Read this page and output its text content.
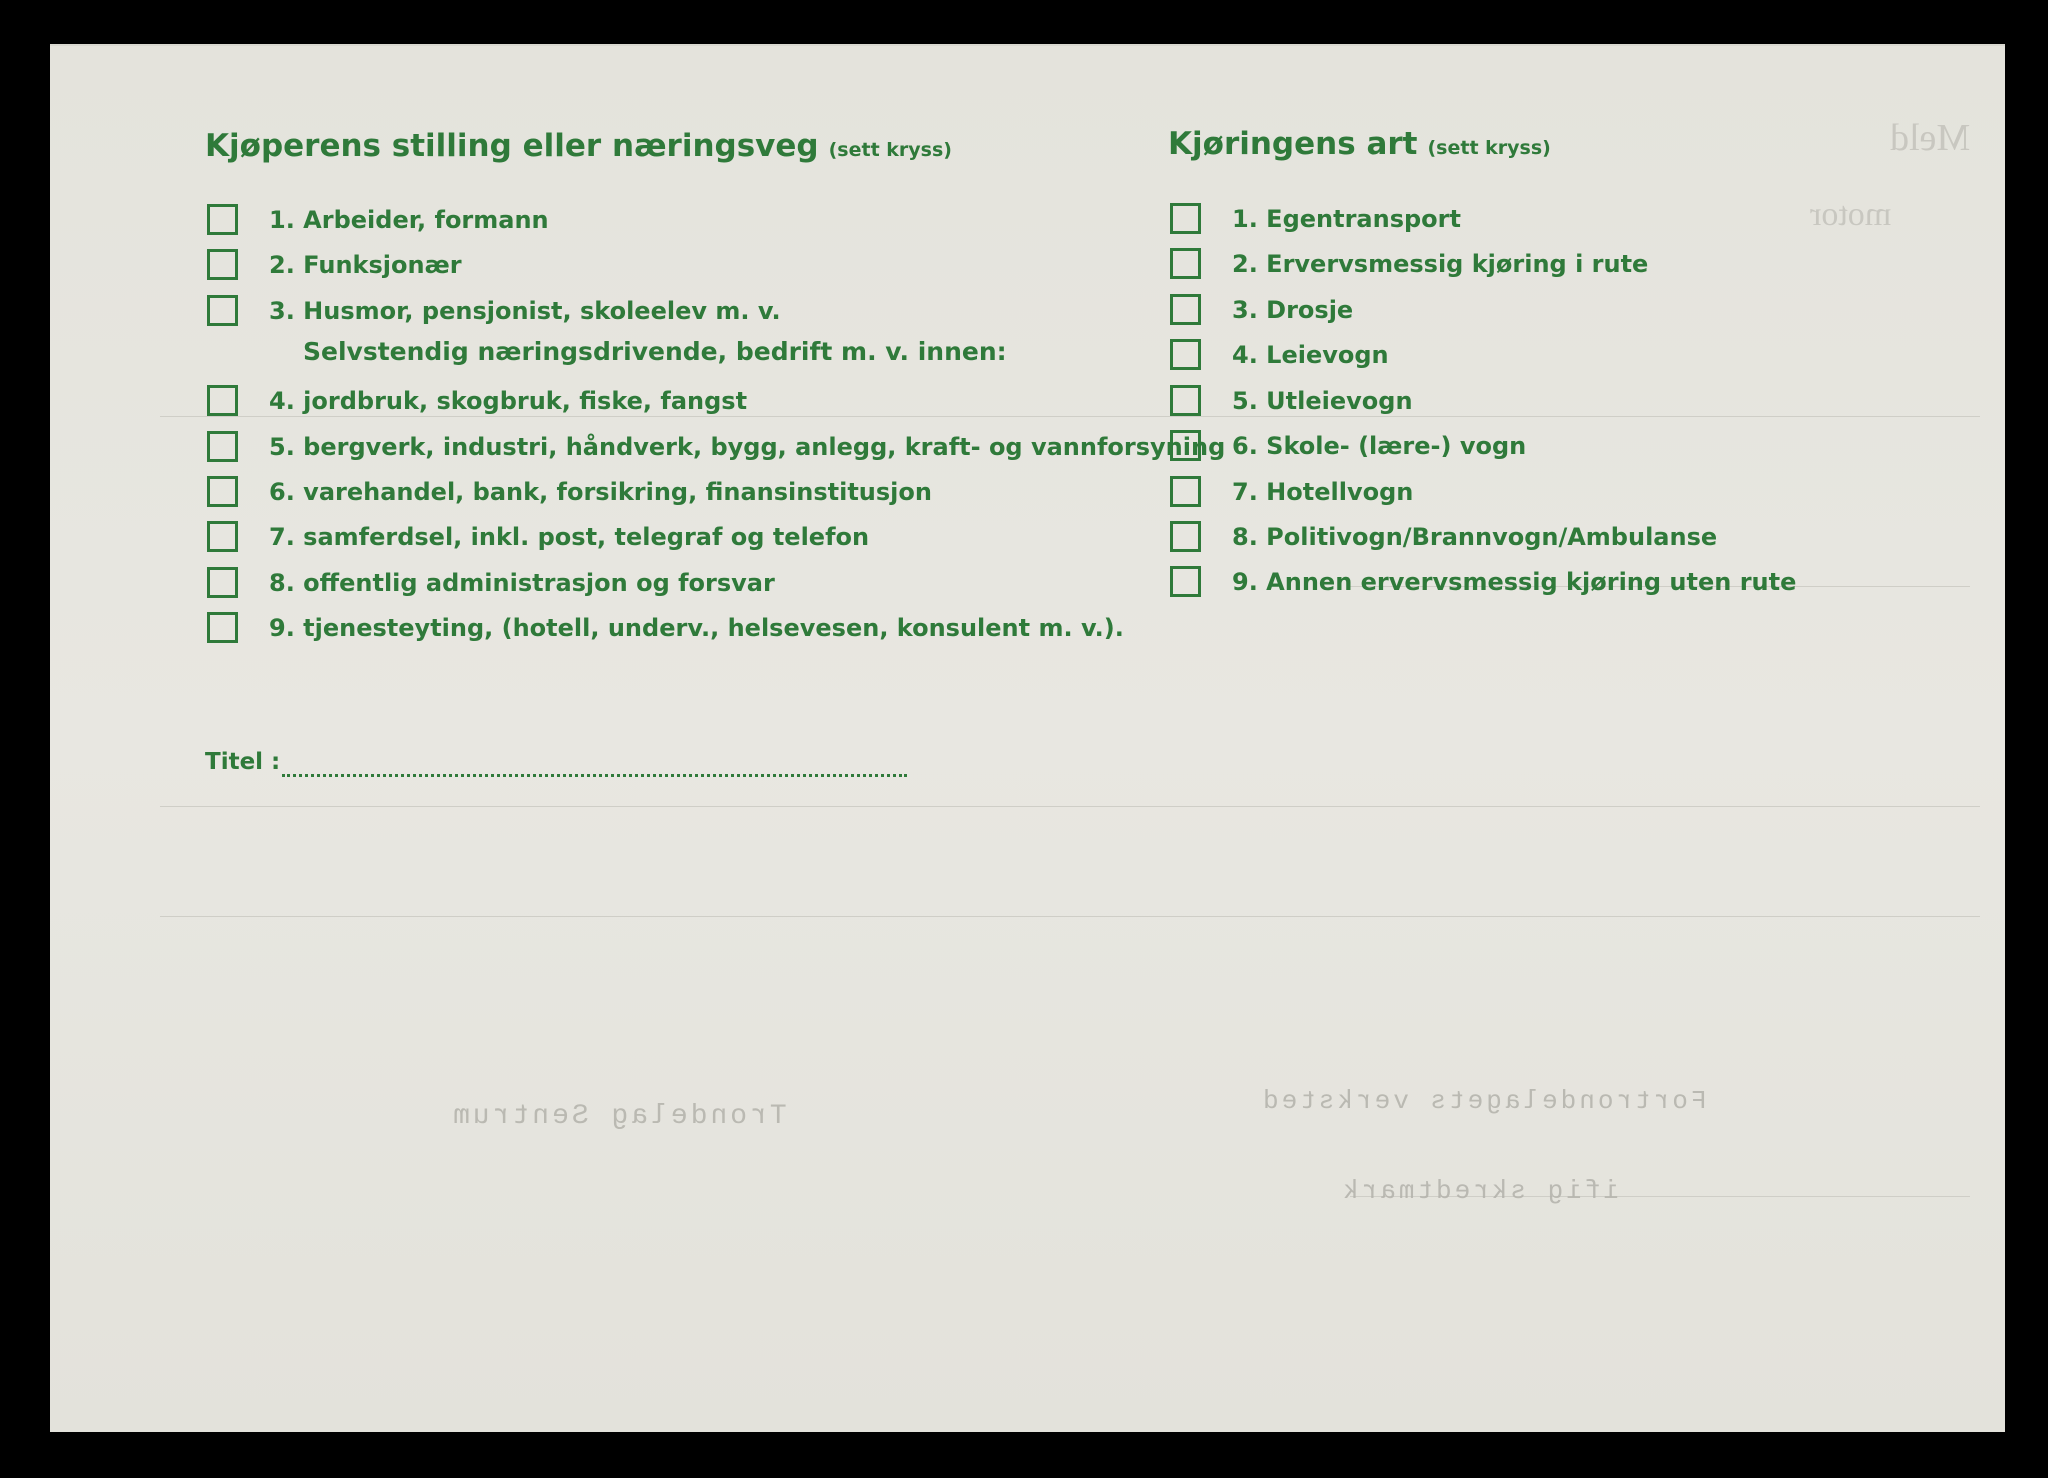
Meld
motor
Fortrondelagets verksted
ifig skredtmark
Trondelag Sentrum
Kjøperens stilling eller næringsveg (sett kryss)
1. Arbeider, formann
2. Funksjonær
3. Husmor, pensjonist, skoleelev m. v.
Selvstendig næringsdrivende, bedrift m. v. innen:
4. jordbruk, skogbruk, fiske, fangst
5. bergverk, industri, håndverk, bygg, anlegg, kraft- og vannforsyning
6. varehandel, bank, forsikring, finansinstitusjon
7. samferdsel, inkl. post, telegraf og telefon
8. offentlig administrasjon og forsvar
9. tjenesteyting, (hotell, underv., helsevesen, konsulent m. v.).
Titel :
Kjøringens art (sett kryss)
1. Egentransport
2. Ervervsmessig kjøring i rute
3. Drosje
4. Leievogn
5. Utleievogn
6. Skole- (lære-) vogn
7. Hotellvogn
8. Politivogn/Brannvogn/Ambulanse
9. Annen ervervsmessig kjøring uten rute
